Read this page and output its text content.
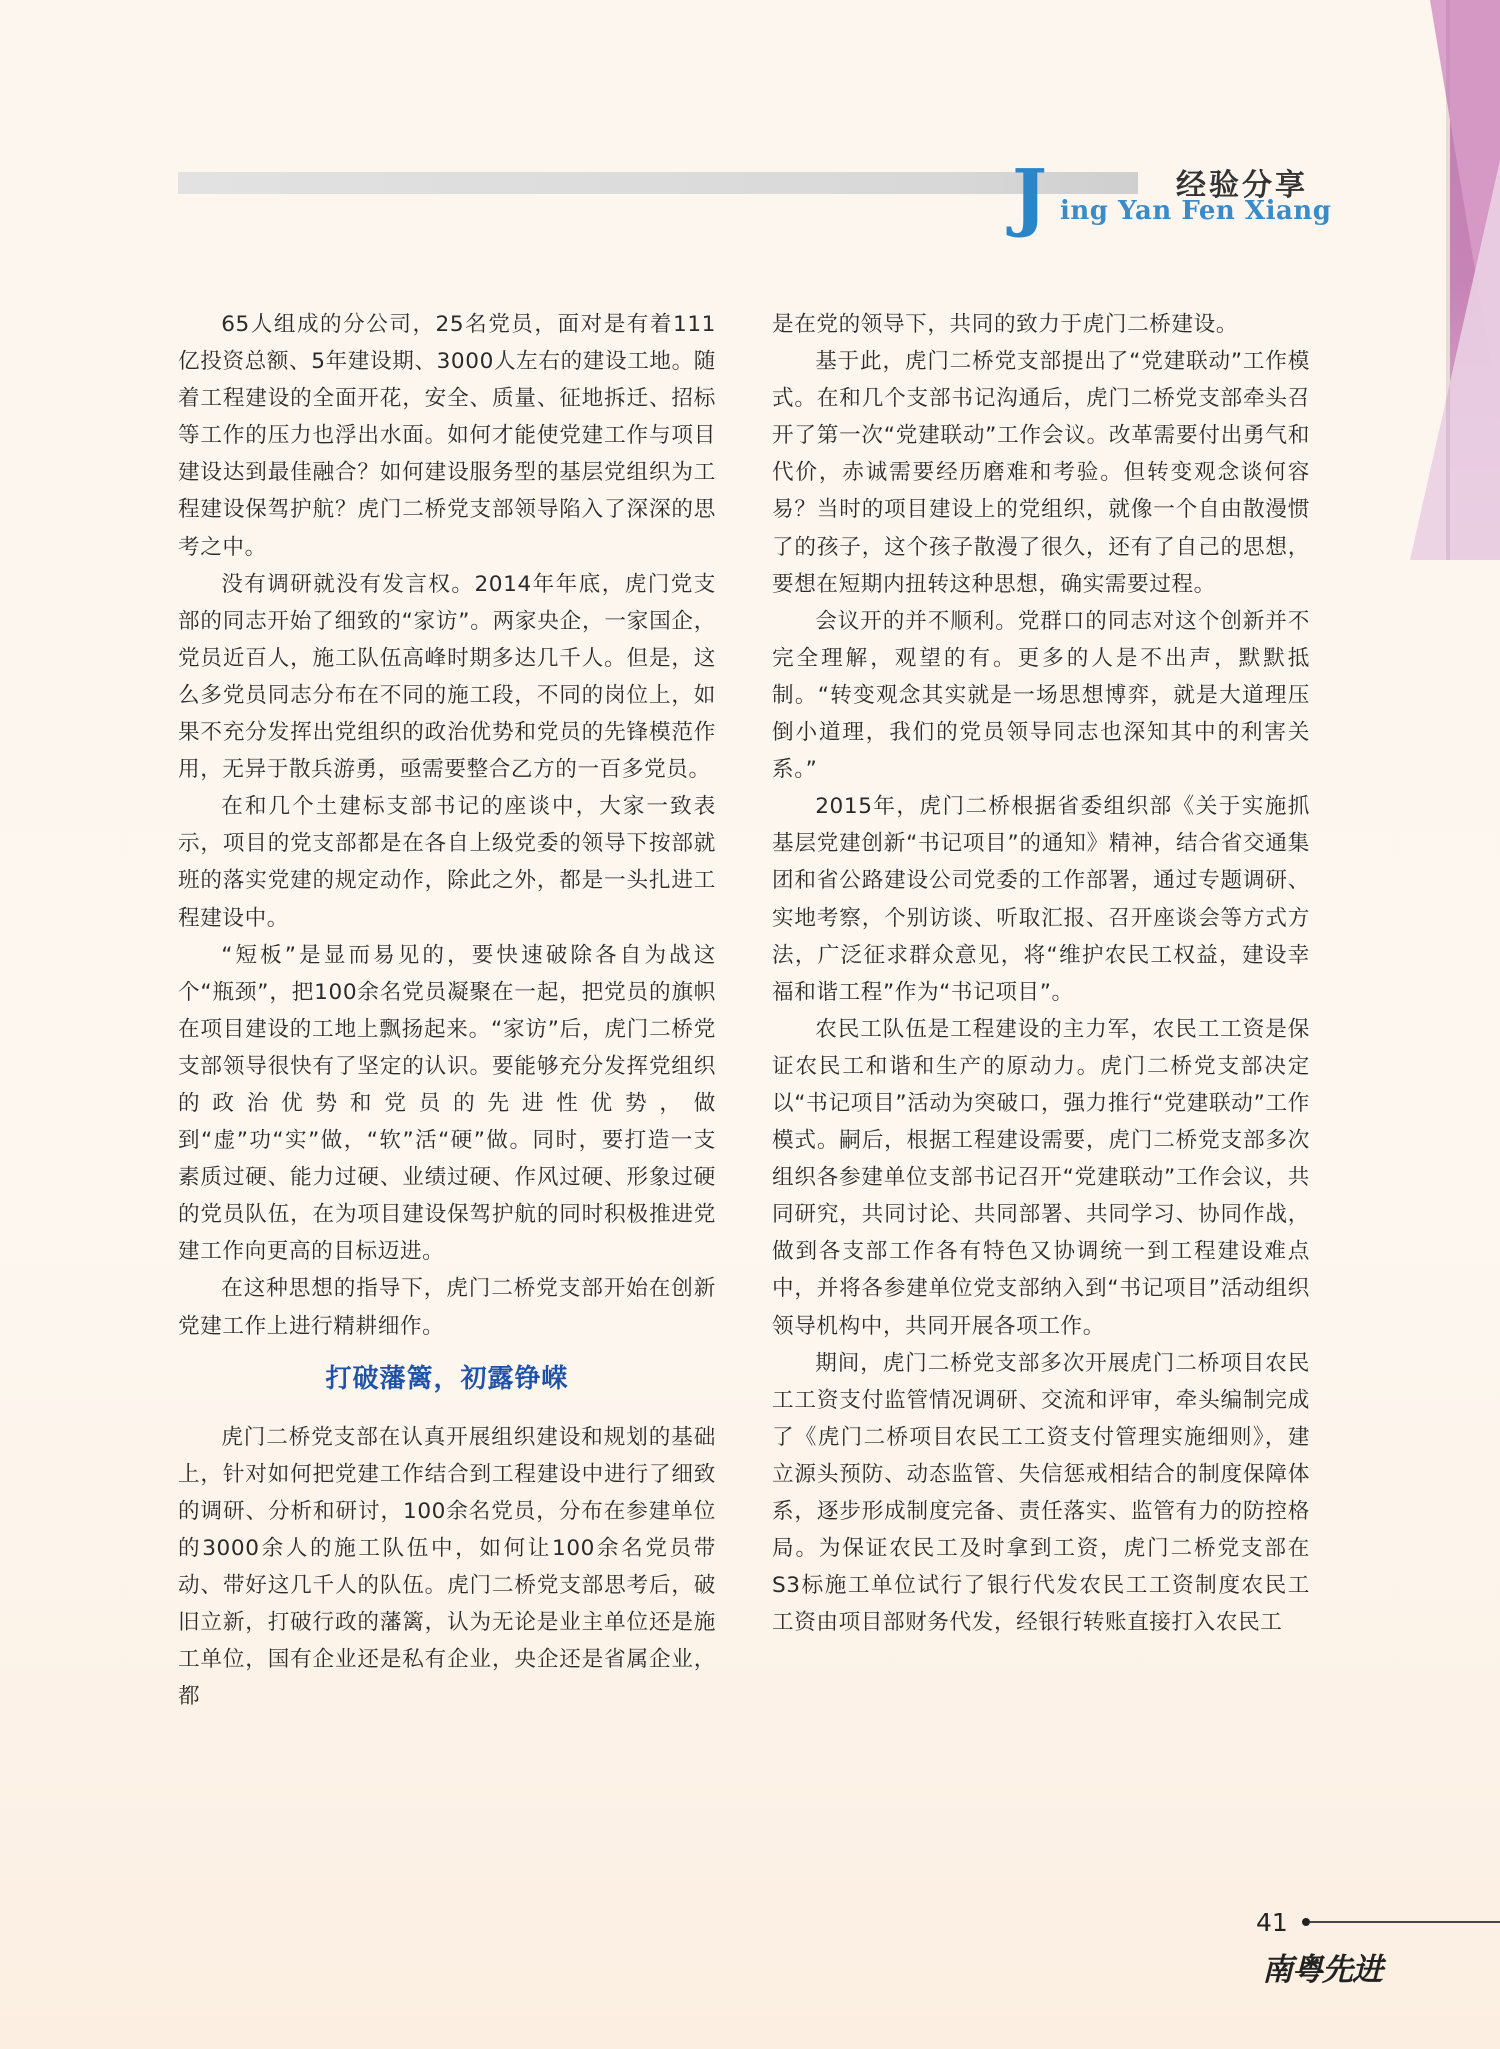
经验分享
J ing Yan Fen Xiang

65人组成的分公司，25名党员，面对是有着111亿投资总额、5年建设期、3000人左右的建设工地。随着工程建设的全面开花，安全、质量、征地拆迁、招标等工作的压力也浮出水面。如何才能使党建工作与项目建设达到最佳融合？如何建设服务型的基层党组织为工程建设保驾护航？虎门二桥党支部领导陷入了深深的思考之中。

没有调研就没有发言权。2014年年底，虎门党支部的同志开始了细致的“家访”。两家央企，一家国企，党员近百人，施工队伍高峰时期多达几千人。但是，这么多党员同志分布在不同的施工段，不同的岗位上，如果不充分发挥出党组织的政治优势和党员的先锋模范作用，无异于散兵游勇，亟需要整合乙方的一百多党员。

在和几个土建标支部书记的座谈中，大家一致表示，项目的党支部都是在各自上级党委的领导下按部就班的落实党建的规定动作，除此之外，都是一头扎进工程建设中。

“短板”是显而易见的，要快速破除各自为战这个“瓶颈”，把100余名党员凝聚在一起，把党员的旗帜在项目建设的工地上飘扬起来。“家访”后，虎门二桥党支部领导很快有了坚定的认识。要能够充分发挥党组织的政治优势和党员的先进性优势，做到“虚”功“实”做，“软”活“硬”做。同时，要打造一支素质过硬、能力过硬、业绩过硬、作风过硬、形象过硬的党员队伍，在为项目建设保驾护航的同时积极推进党建工作向更高的目标迈进。

在这种思想的指导下，虎门二桥党支部开始在创新党建工作上进行精耕细作。

打破藩篱，初露铮嵘

虎门二桥党支部在认真开展组织建设和规划的基础上，针对如何把党建工作结合到工程建设中进行了细致的调研、分析和研讨，100余名党员，分布在参建单位的3000余人的施工队伍中，如何让100余名党员带动、带好这几千人的队伍。虎门二桥党支部思考后，破旧立新，打破行政的藩篱，认为无论是业主单位还是施工单位，国有企业还是私有企业，央企还是省属企业，都

是在党的领导下，共同的致力于虎门二桥建设。

基于此，虎门二桥党支部提出了“党建联动”工作模式。在和几个支部书记沟通后，虎门二桥党支部牵头召开了第一次“党建联动”工作会议。改革需要付出勇气和代价，赤诚需要经历磨难和考验。但转变观念谈何容易？当时的项目建设上的党组织，就像一个自由散漫惯了的孩子，这个孩子散漫了很久，还有了自己的思想，要想在短期内扭转这种思想，确实需要过程。

会议开的并不顺利。党群口的同志对这个创新并不完全理解，观望的有。更多的人是不出声，默默抵制。“转变观念其实就是一场思想博弈，就是大道理压倒小道理，我们的党员领导同志也深知其中的利害关系。”

2015年，虎门二桥根据省委组织部《关于实施抓基层党建创新“书记项目”的通知》精神，结合省交通集团和省公路建设公司党委的工作部署，通过专题调研、实地考察，个别访谈、听取汇报、召开座谈会等方式方法，广泛征求群众意见，将“维护农民工权益，建设幸福和谐工程”作为“书记项目”。

农民工队伍是工程建设的主力军，农民工工资是保证农民工和谐和生产的原动力。虎门二桥党支部决定以“书记项目”活动为突破口，强力推行“党建联动”工作模式。嗣后，根据工程建设需要，虎门二桥党支部多次组织各参建单位支部书记召开“党建联动”工作会议，共同研究，共同讨论、共同部署、共同学习、协同作战，做到各支部工作各有特色又协调统一到工程建设难点中，并将各参建单位党支部纳入到“书记项目”活动组织领导机构中，共同开展各项工作。

期间，虎门二桥党支部多次开展虎门二桥项目农民工工资支付监管情况调研、交流和评审，牵头编制完成了《虎门二桥项目农民工工资支付管理实施细则》，建立源头预防、动态监管、失信惩戒相结合的制度保障体系，逐步形成制度完备、责任落实、监管有力的防控格局。为保证农民工及时拿到工资，虎门二桥党支部在S3标施工单位试行了银行代发农民工工资制度农民工工资由项目部财务代发，经银行转账直接打入农民工

41
南粤先进
